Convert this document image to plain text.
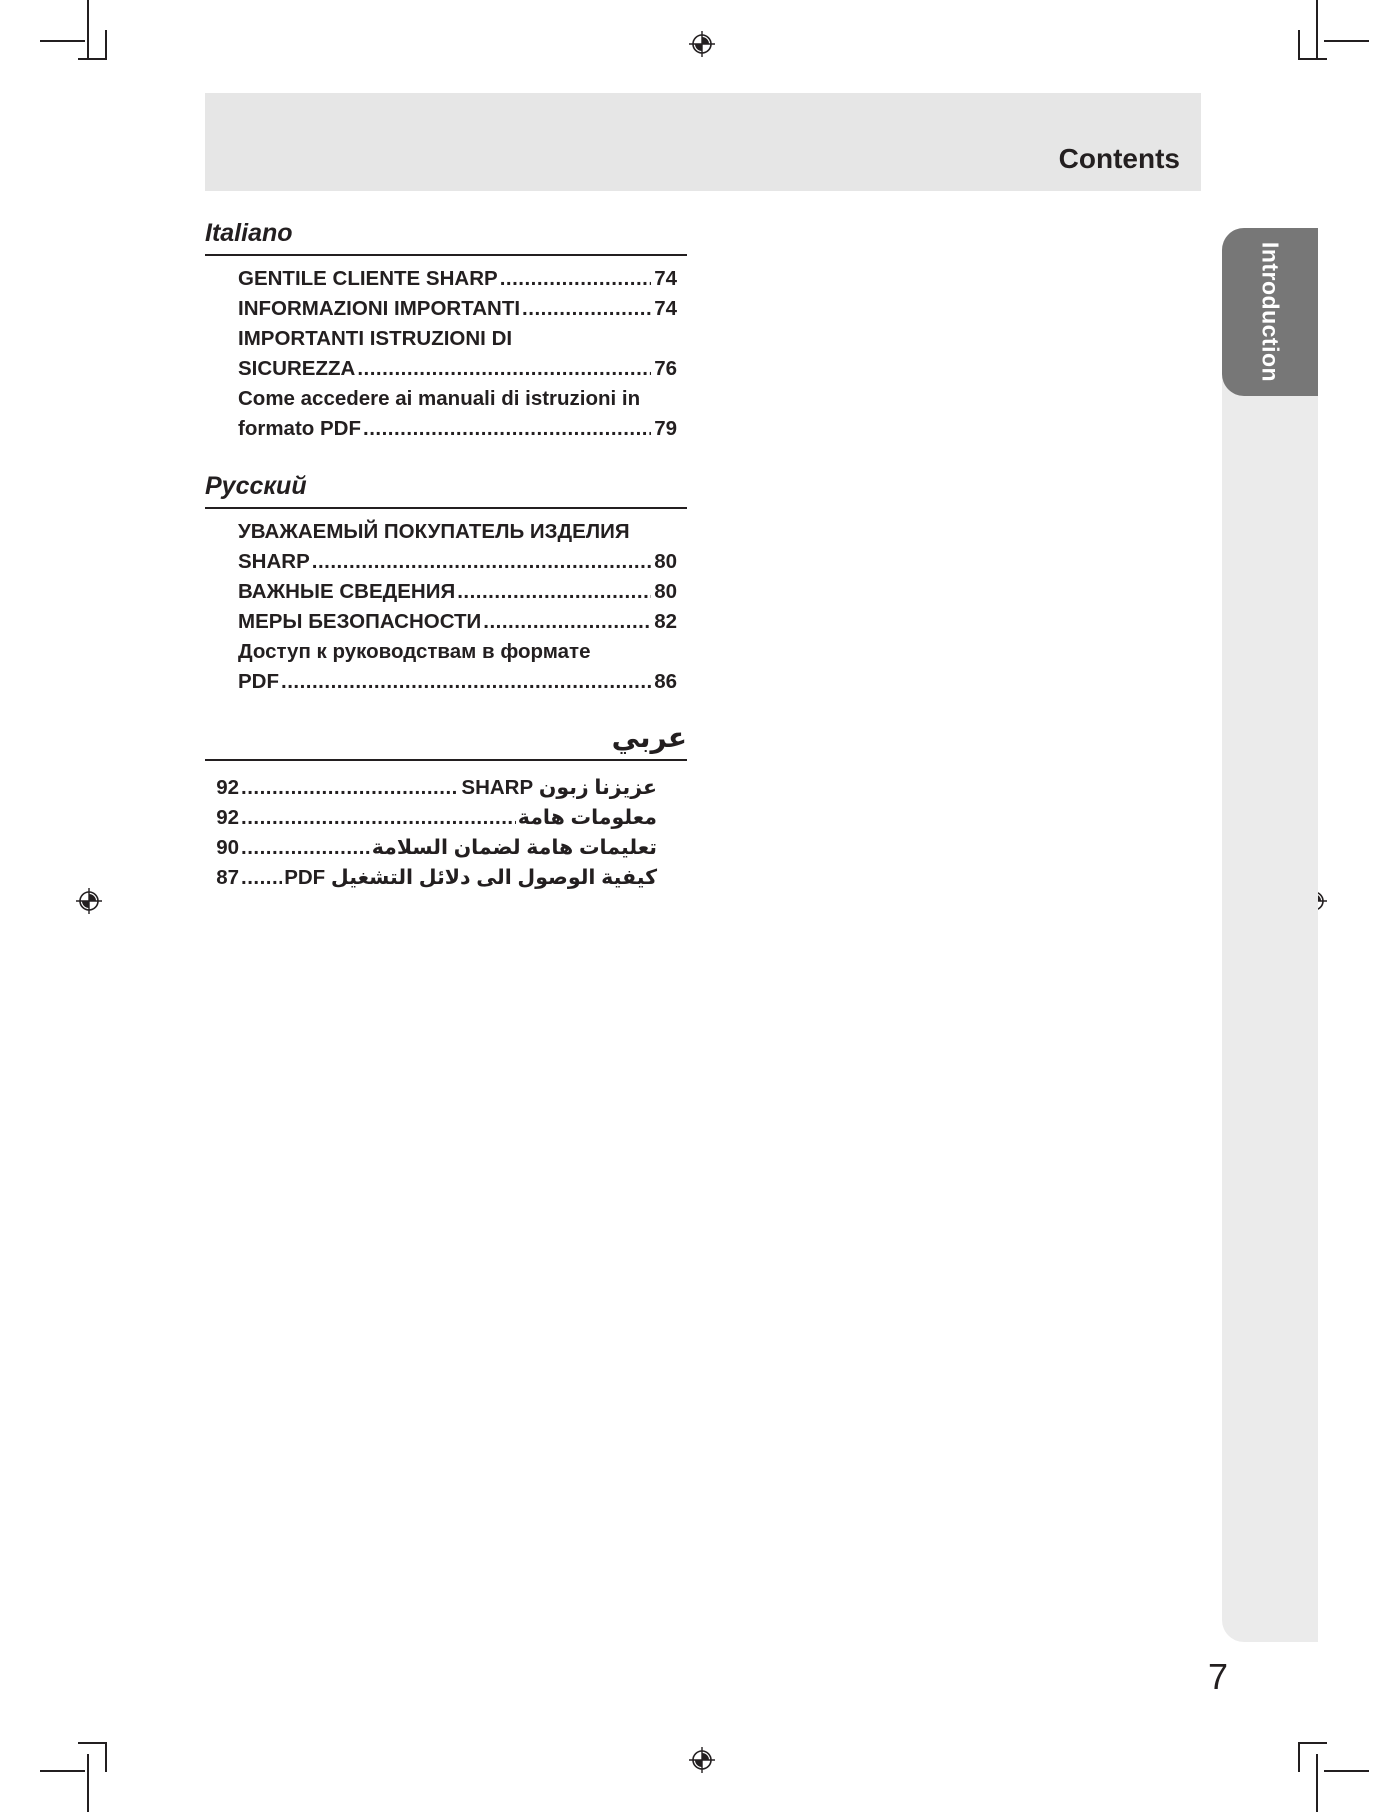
Contents
Introduction
Italiano
GENTILE CLIENTE SHARP .....	74
INFORMAZIONI IMPORTANTI .....	74
IMPORTANTI ISTRUZIONI DI
SICUREZZA .....	76
Come accedere ai manuali di istruzioni in
formato PDF .....	79
Русский
УВАЖАЕМЫЙ ПОКУПАТЕЛЬ ИЗДЕЛИЯ
SHARP .....	80
ВАЖНЫЕ СВЕДЕНИЯ .....	80
МЕРЫ БЕЗОПАСНОСТИ .....	82
Доступ к руководствам в формате
PDF .....	86
عربي
92 .....	عزيزنا زبون SHARP
92 .....	معلومات هامة
90 .....	تعليمات هامة لضمان السلامة
87 ..... كيفية الوصول الى دلائل التشغيل PDF
7
